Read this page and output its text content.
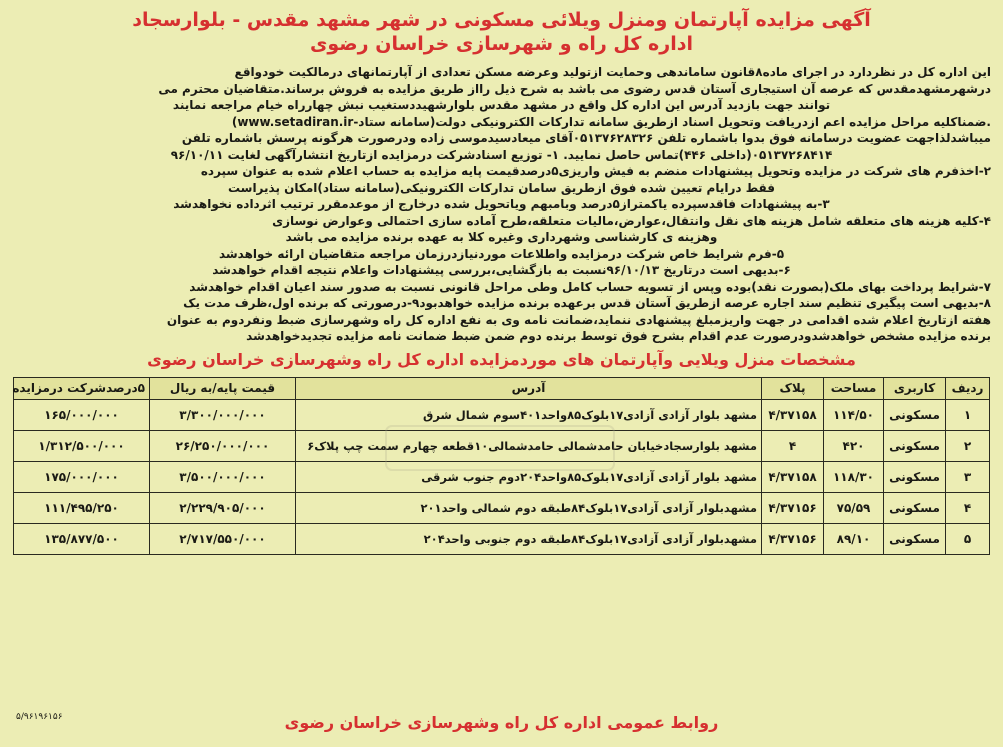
آگهی مزایده آپارتمان ومنزل ویلائی مسکونی در شهر مشهد مقدس - بلوارسجاد
اداره کل راه و شهرسازی خراسان رضوی
این اداره کل در نظردارد در اجرای ماده۸قانون ساماندهی وحمایت ازتولید وعرضه مسکن تعدادی از آپارتمانهای درمالکیت خودواقع
درشهرمشهدمقدس که عرصه آن استیجاری آستان قدس رضوی می باشد به شرح ذیل رااز طریق مزایده به فروش برساند.متقاضیان محترم می
توانند جهت بازدید آدرس این اداره کل واقع در مشهد مقدس بلوارشهیددستغیب نبش چهارراه خیام مراجعه نمایند
.ضمناکلیه مراحل مزایده اعم ازدریافت وتحویل اسناد ازطریق سامانه تدارکات الکترونیکی دولت(سامانه ستاد-www.setadiran.ir)
میباشدلذاجهت عضویت درسامانه فوق بدوا باشماره تلفن ۰۵۱۳۷۶۲۸۳۲۶آقای میعادسیدموسی زاده ودرصورت هرگونه پرسش باشماره تلفن
۰۵۱۳۷۲۶۸۴۱۴(داخلی ۴۴۶)تماس حاصل نمایید. ۱- توزیع اسنادشرکت درمزایده ازتاریخ انتشارآگهی لغایت ۹۶/۱۰/۱۱
۲-اخذفرم های شرکت در مزایده وتحویل پیشنهادات منضم به فیش واریزی۵درصدقیمت پایه مزایده به حساب اعلام شده به عنوان سپرده
فقط درایام تعیین شده فوق ازطریق سامان تدارکات الکترونیکی(سامانه ستاد)امکان پذیراست
۳-به پیشنهادات فاقدسپرده یاکمتراز۵درصد وبامبهم ویاتحویل شده درخارج از موعدمقرر ترتیب اثرداده نخواهدشد
۴-کلیه هزینه های متعلقه شامل هزینه های نقل وانتقال،عوارض،مالیات متعلقه،طرح آماده سازی احتمالی وعوارض نوسازی
وهزینه ی کارشناسی وشهرداری وغیره کلا به عهده برنده مزایده می باشد
۵-فرم شرایط خاص شرکت درمزایده واطلاعات موردنیازدرزمان مراجعه متقاضیان ارائه خواهدشد
۶-بدیهی است درتاریخ ۹۶/۱۰/۱۳نسبت به بازگشایی،بررسی پیشنهادات واعلام نتیجه اقدام خواهدشد
۷-شرایط پرداخت بهای ملک(بصورت نقد)بوده وپس از تسویه حساب کامل وطی مراحل قانونی نسبت به صدور سند اعیان اقدام خواهدشد
۸-بدیهی است پیگیری تنظیم سند اجاره عرصه ازطریق آستان قدس برعهده برنده مزایده خواهدبود۹-درصورتی که برنده اول،ظرف مدت یک
هفته ازتاریخ اعلام شده اقدامی در جهت واریزمبلغ پیشنهادی ننماید،ضمانت نامه وی به نفع اداره کل راه وشهرسازی ضبط ونفردوم به عنوان
برنده مزایده مشخص خواهدشدودرصورت عدم اقدام بشرح فوق توسط برنده دوم ضمن ضبط ضمانت نامه مزایده تجدیدخواهدشد
مشخصات منزل ویلایی وآپارتمان های موردمزایده اداره کل راه وشهرسازی خراسان رضوی
ردیف	کاربری	مساحت	پلاک	آدرس	قیمت پایه/به ریال	۵درصدشرکت درمزایده
۱	مسکونی	۱۱۴/۵۰	۴/۳۷۱۵۸	مشهد بلوار آزادی آزادی۱۷بلوک۸۵واحد۴۰۱سوم شمال شرق	۳/۳۰۰/۰۰۰/۰۰۰	۱۶۵/۰۰۰/۰۰۰
۲	مسکونی	۴۲۰	۴	مشهد بلوارسجادخیابان حامدشمالی حامدشمالی۱۰قطعه چهارم سمت چپ پلاک۶	۲۶/۲۵۰/۰۰۰/۰۰۰	۱/۳۱۲/۵۰۰/۰۰۰
۳	مسکونی	۱۱۸/۳۰	۴/۳۷۱۵۸	مشهد بلوار آزادی آزادی۱۷بلوک۸۵واحد۲۰۴دوم جنوب شرقی	۳/۵۰۰/۰۰۰/۰۰۰	۱۷۵/۰۰۰/۰۰۰
۴	مسکونی	۷۵/۵۹	۴/۳۷۱۵۶	مشهدبلوار آزادی آزادی۱۷بلوک۸۴طبقه دوم شمالی واحد۲۰۱	۲/۲۲۹/۹۰۵/۰۰۰	۱۱۱/۴۹۵/۲۵۰
۵	مسکونی	۸۹/۱۰	۴/۳۷۱۵۶	مشهدبلوار آزادی آزادی۱۷بلوک۸۴طبقه دوم جنوبی واحد۲۰۴	۲/۷۱۷/۵۵۰/۰۰۰	۱۳۵/۸۷۷/۵۰۰
۵/۹۶۱۹۶۱۵۶	روابط عمومی اداره کل راه وشهرسازی خراسان رضوی
